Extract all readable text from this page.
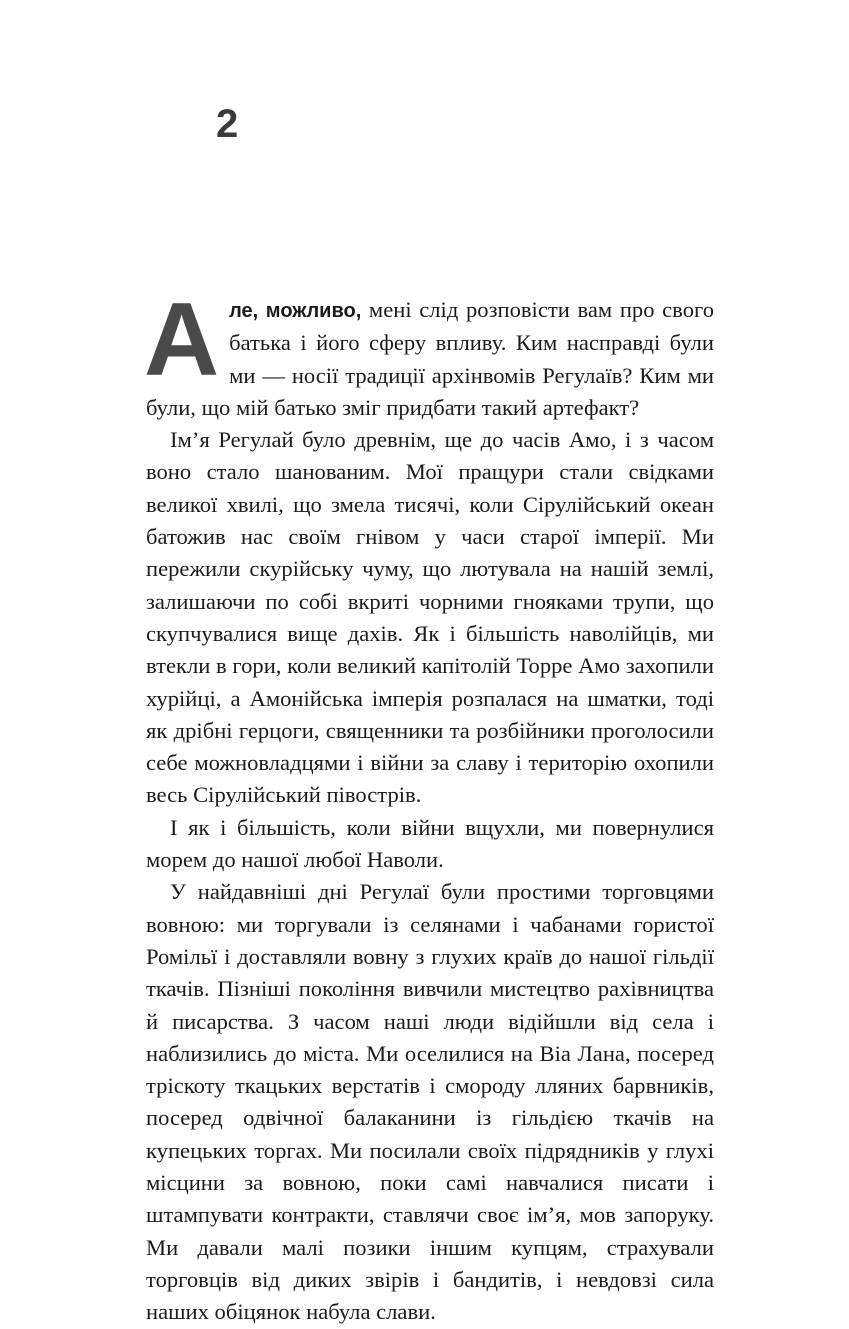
2

Але, можливо, мені слід розповісти вам про свого батька і його сферу впливу. Ким насправді були ми — носії традиції архінвомів Регулаїв? Ким ми були, що мій батько зміг придбати такий артефакт?

Ім’я Регулай було древнім, ще до часів Амо, і з часом воно стало шанованим. Мої пращури стали свідками великої хвилі, що змела тисячі, коли Сірулійський океан батожив нас своїм гнівом у часи старої імперії. Ми пережили скурійську чуму, що лютувала на нашій землі, залишаючи по собі вкриті чорними гнояками трупи, що скупчувалися вище дахів. Як і більшість наволійців, ми втекли в гори, коли великий капітолій Торре Амо захопили хурійці, а Амонійська імперія розпалася на шматки, тоді як дрібні герцоги, священники та розбійники проголосили себе можновладцями і війни за славу і територію охопили весь Сірулійський півострів.

І як і більшість, коли війни вщухли, ми повернулися морем до нашої любої Наволи.

У найдавніші дні Регулаї були простими торговцями вовною: ми торгували із селянами і чабанами гористої Ромільї і доставляли вовну з глухих країв до нашої гільдії ткачів. Пізніші покоління вивчили мистецтво рахівництва й писарства. З часом наші люди відійшли від села і наблизились до міста. Ми оселилися на Віа Лана, посеред тріскоту ткацьких верстатів і смороду лляних барвників, посеред одвічної балаканини із гільдією ткачів на купецьких торгах. Ми посилали своїх підрядників у глухі місцини за вовною, поки самі навчалися писати і штампувати контракти, ставлячи своє ім’я, мов запоруку. Ми давали малі позики іншим купцям, страхували торговців від диких звірів і бандитів, і невдовзі сила наших обіцянок набула слави.
